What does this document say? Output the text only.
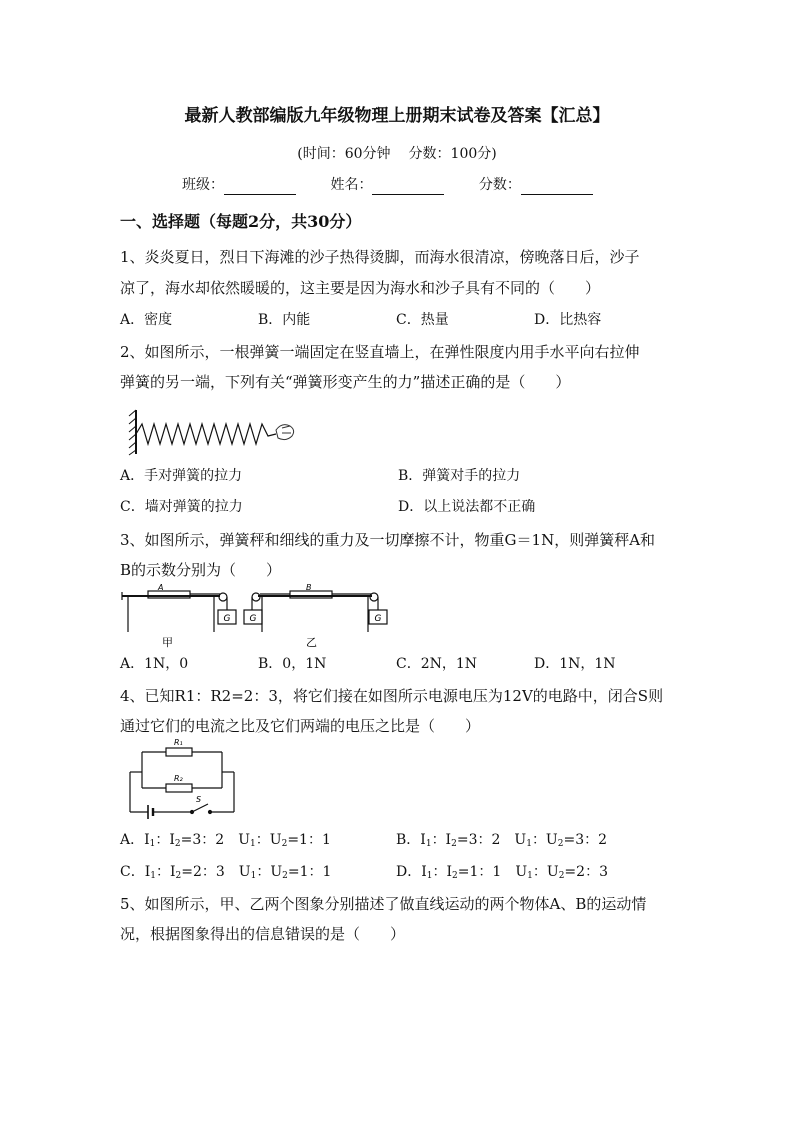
最新人教部编版九年级物理上册期末试卷及答案【汇总】
(时间：60分钟 分数：100分)
班级：	姓名：	分数：
一、选择题（每题2分，共30分）
1、炎炎夏日，烈日下海滩的沙子热得烫脚，而海水很清凉，傍晚落日后，沙子
凉了，海水却依然暖暖的，这主要是因为海水和沙子具有不同的（　　）
A．密度	B．内能	C．热量	D．比热容
2、如图所示，一根弹簧一端固定在竖直墙上，在弹性限度内用手水平向右拉伸
弹簧的另一端，下列有关“弹簧形变产生的力”描述正确的是（　　）
A．手对弹簧的拉力	B．弹簧对手的拉力
C．墙对弹簧的拉力	D．以上说法都不正确
3、如图所示，弹簧秤和细线的重力及一切摩擦不计，物重G＝1N，则弹簧秤A和
B的示数分别为（　　）
G
A
甲
G	G
B
乙
A．1N，0	B．0，1N	C．2N，1N	D．1N，1N
4、已知R1：R2=2：3，将它们接在如图所示电源电压为12V的电路中，闭合S则
通过它们的电流之比及它们两端的电压之比是（　　）
R₁
R₂
S
A．$I_1$：$I_2=3$：2　$U_1$：$U_2=1$：1	B．$I_1$：$I_2=3$：2　$U_1$：$U_2=3$：2
C．$I_1$：$I_2=2$：3　$U_1$：$U_2=1$：1	D．$I_1$：$I_2=1$：1　$U_1$：$U_2=2$：3
5、如图所示，甲、乙两个图象分别描述了做直线运动的两个物体A、B的运动情
况，根据图象得出的信息错误的是（　　）
